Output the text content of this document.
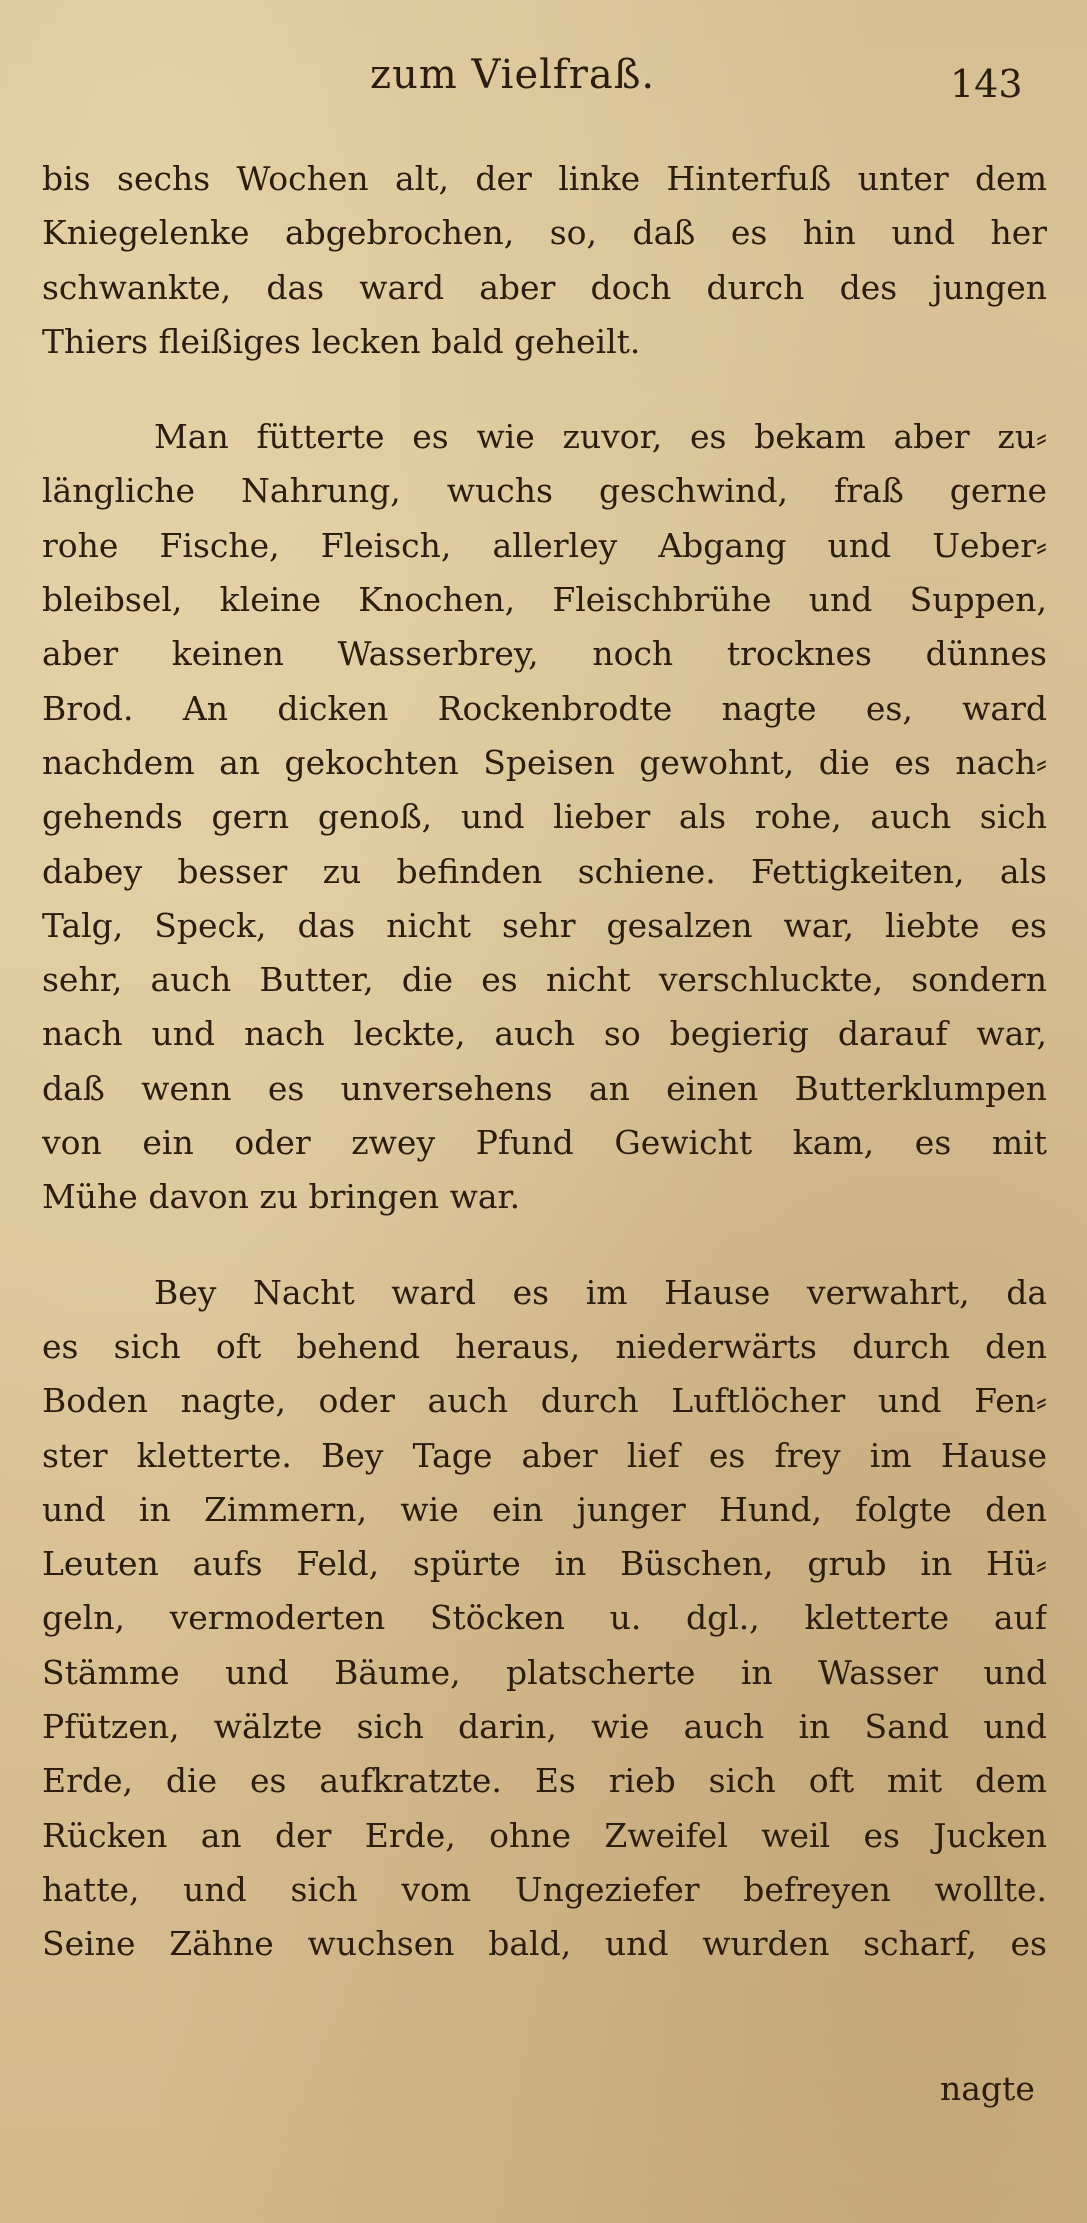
zum Vielfraß.	143
bis sechs Wochen alt, der linke Hinterfuß unter dem
Kniegelenke abgebrochen, so, daß es hin und her
schwankte, das ward aber doch durch des jungen
Thiers fleißiges lecken bald geheilt.
Man fütterte es wie zuvor, es bekam aber zu⸗
längliche Nahrung, wuchs geschwind, fraß gerne
rohe Fische, Fleisch, allerley Abgang und Ueber⸗
bleibsel, kleine Knochen, Fleischbrühe und Suppen,
aber keinen Wasserbrey, noch trocknes dünnes
Brod. An dicken Rockenbrodte nagte es, ward
nachdem an gekochten Speisen gewohnt, die es nach⸗
gehends gern genoß, und lieber als rohe, auch sich
dabey besser zu befinden schiene. Fettigkeiten, als
Talg, Speck, das nicht sehr gesalzen war, liebte es
sehr, auch Butter, die es nicht verschluckte, sondern
nach und nach leckte, auch so begierig darauf war,
daß wenn es unversehens an einen Butterklumpen
von ein oder zwey Pfund Gewicht kam, es mit
Mühe davon zu bringen war.
Bey Nacht ward es im Hause verwahrt, da
es sich oft behend heraus, niederwärts durch den
Boden nagte, oder auch durch Luftlöcher und Fen⸗
ster kletterte. Bey Tage aber lief es frey im Hause
und in Zimmern, wie ein junger Hund, folgte den
Leuten aufs Feld, spürte in Büschen, grub in Hü⸗
geln, vermoderten Stöcken u. dgl., kletterte auf
Stämme und Bäume, platscherte in Wasser und
Pfützen, wälzte sich darin, wie auch in Sand und
Erde, die es aufkratzte. Es rieb sich oft mit dem
Rücken an der Erde, ohne Zweifel weil es Jucken
hatte, und sich vom Ungeziefer befreyen wollte.
Seine Zähne wuchsen bald, und wurden scharf, es
nagte
